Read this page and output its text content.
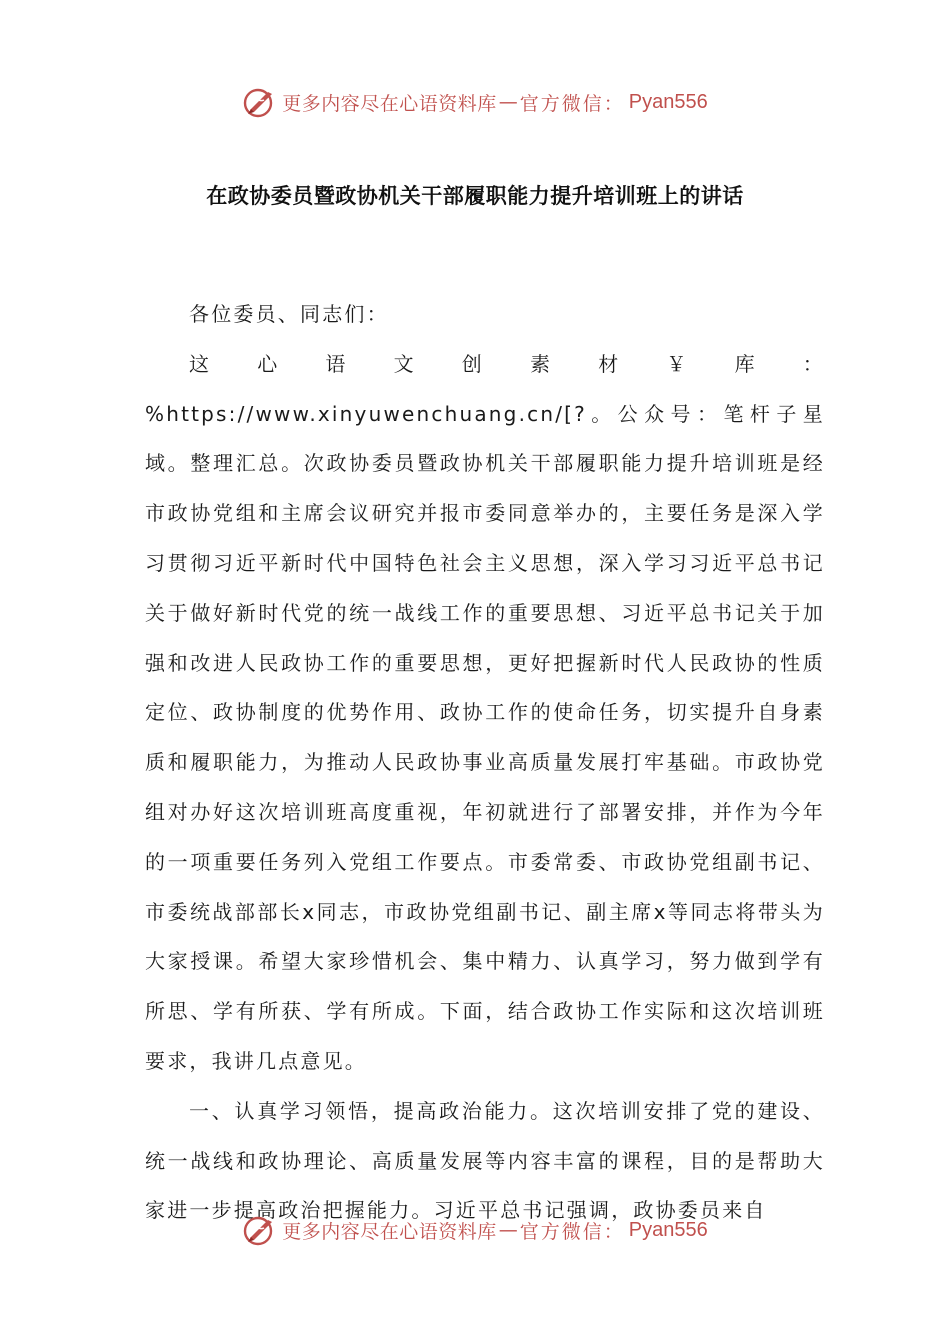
更多内容尽在心语资料库 — 官方微信： Pyan556
在政协委员暨政协机关干部履职能力提升培训班上的讲话

各位委员、同志们：

这心语文创素材￥库：%https://www.xinyuwenchuang.cn/[?。公众号：笔杆子星域。整理汇总。次政协委员暨政协机关干部履职能力提升培训班是经市政协党组和主席会议研究并报市委同意举办的，主要任务是深入学习贯彻习近平新时代中国特色社会主义思想，深入学习习近平总书记关于做好新时代党的统一战线工作的重要思想、习近平总书记关于加强和改进人民政协工作的重要思想，更好把握新时代人民政协的性质定位、政协制度的优势作用、政协工作的使命任务，切实提升自身素质和履职能力，为推动人民政协事业高质量发展打牢基础。市政协党组对办好这次培训班高度重视，年初就进行了部署安排，并作为今年的一项重要任务列入党组工作要点。市委常委、市政协党组副书记、市委统战部部长x同志，市政协党组副书记、副主席x等同志将带头为大家授课。希望大家珍惜机会、集中精力、认真学习，努力做到学有所思、学有所获、学有所成。下面，结合政协工作实际和这次培训班要求，我讲几点意见。

一、认真学习领悟，提高政治能力。这次培训安排了党的建设、统一战线和政协理论、高质量发展等内容丰富的课程，目的是帮助大家进一步提高政治把握能力。习近平总书记强调，政协委员来自

更多内容尽在心语资料库 — 官方微信： Pyan556
